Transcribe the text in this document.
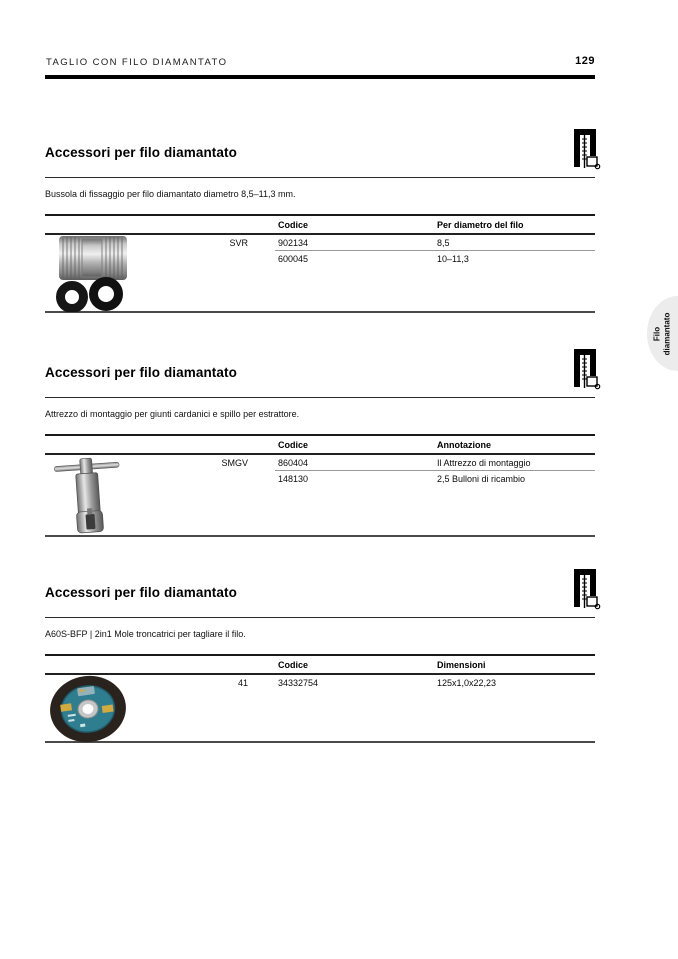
TAGLIO CON FILO DIAMANTATO	129
Accessori per filo diamantato
Bussola di fissaggio per filo diamantato diametro 8,5–11,3 mm.
Codice	Per diametro del filo
SVR	902134	8,5
600045	10–11,3
Accessori per filo diamantato
Attrezzo di montaggio per giunti cardanici e spillo per estrattore.
Codice	Annotazione
SMGV	860404	Il Attrezzo di montaggio
148130	2,5 Bulloni di ricambio
Accessori per filo diamantato
A60S-BFP | 2in1 Mole troncatrici per tagliare il filo.
Codice	Dimensioni
41	34332754	125x1,0x22,23
Filo
diamantato
